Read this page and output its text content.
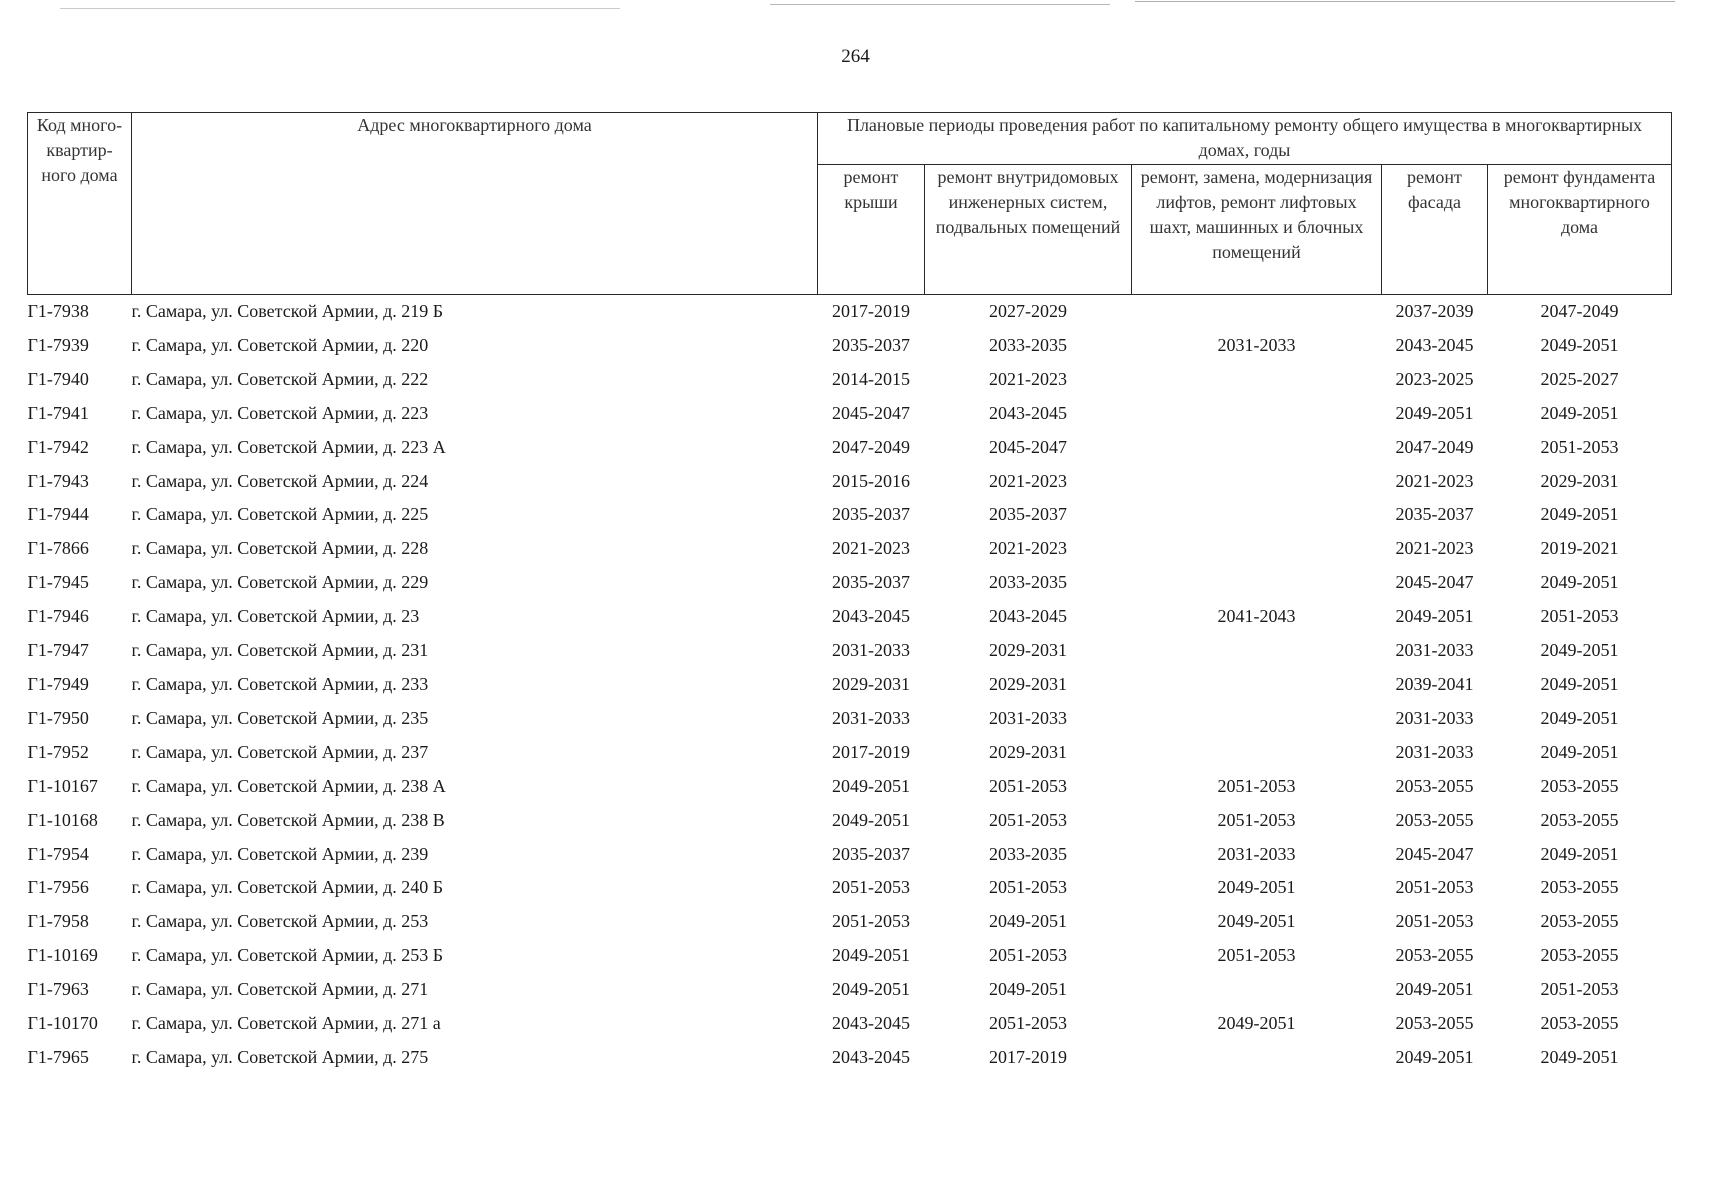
264
Код много-квартир-ного дома	Адрес многоквартирного дома	Плановые периоды проведения работ по капитальному ремонту общего имущества в многоквартирных домах, годы				
		ремонт крыши	ремонт внутридомовых инженерных систем, подвальных помещений	ремонт, замена, модернизация лифтов, ремонт лифтовых шахт, машинных и блочных помещений	ремонт фасада	ремонт фундамента многоквартирного дома
Г1-7938	г. Самара, ул. Советской Армии, д. 219 Б	2017-2019	2027-2029		2037-2039	2047-2049
Г1-7939	г. Самара, ул. Советской Армии, д. 220	2035-2037	2033-2035	2031-2033	2043-2045	2049-2051
Г1-7940	г. Самара, ул. Советской Армии, д. 222	2014-2015	2021-2023		2023-2025	2025-2027
Г1-7941	г. Самара, ул. Советской Армии, д. 223	2045-2047	2043-2045		2049-2051	2049-2051
Г1-7942	г. Самара, ул. Советской Армии, д. 223 А	2047-2049	2045-2047		2047-2049	2051-2053
Г1-7943	г. Самара, ул. Советской Армии, д. 224	2015-2016	2021-2023		2021-2023	2029-2031
Г1-7944	г. Самара, ул. Советской Армии, д. 225	2035-2037	2035-2037		2035-2037	2049-2051
Г1-7866	г. Самара, ул. Советской Армии, д. 228	2021-2023	2021-2023		2021-2023	2019-2021
Г1-7945	г. Самара, ул. Советской Армии, д. 229	2035-2037	2033-2035		2045-2047	2049-2051
Г1-7946	г. Самара, ул. Советской Армии, д. 23	2043-2045	2043-2045	2041-2043	2049-2051	2051-2053
Г1-7947	г. Самара, ул. Советской Армии, д. 231	2031-2033	2029-2031		2031-2033	2049-2051
Г1-7949	г. Самара, ул. Советской Армии, д. 233	2029-2031	2029-2031		2039-2041	2049-2051
Г1-7950	г. Самара, ул. Советской Армии, д. 235	2031-2033	2031-2033		2031-2033	2049-2051
Г1-7952	г. Самара, ул. Советской Армии, д. 237	2017-2019	2029-2031		2031-2033	2049-2051
Г1-10167	г. Самара, ул. Советской Армии, д. 238 А	2049-2051	2051-2053	2051-2053	2053-2055	2053-2055
Г1-10168	г. Самара, ул. Советской Армии, д. 238 В	2049-2051	2051-2053	2051-2053	2053-2055	2053-2055
Г1-7954	г. Самара, ул. Советской Армии, д. 239	2035-2037	2033-2035	2031-2033	2045-2047	2049-2051
Г1-7956	г. Самара, ул. Советской Армии, д. 240 Б	2051-2053	2051-2053	2049-2051	2051-2053	2053-2055
Г1-7958	г. Самара, ул. Советской Армии, д. 253	2051-2053	2049-2051	2049-2051	2051-2053	2053-2055
Г1-10169	г. Самара, ул. Советской Армии, д. 253 Б	2049-2051	2051-2053	2051-2053	2053-2055	2053-2055
Г1-7963	г. Самара, ул. Советской Армии, д. 271	2049-2051	2049-2051		2049-2051	2051-2053
Г1-10170	г. Самара, ул. Советской Армии, д. 271 а	2043-2045	2051-2053	2049-2051	2053-2055	2053-2055
Г1-7965	г. Самара, ул. Советской Армии, д. 275	2043-2045	2017-2019		2049-2051	2049-2051
